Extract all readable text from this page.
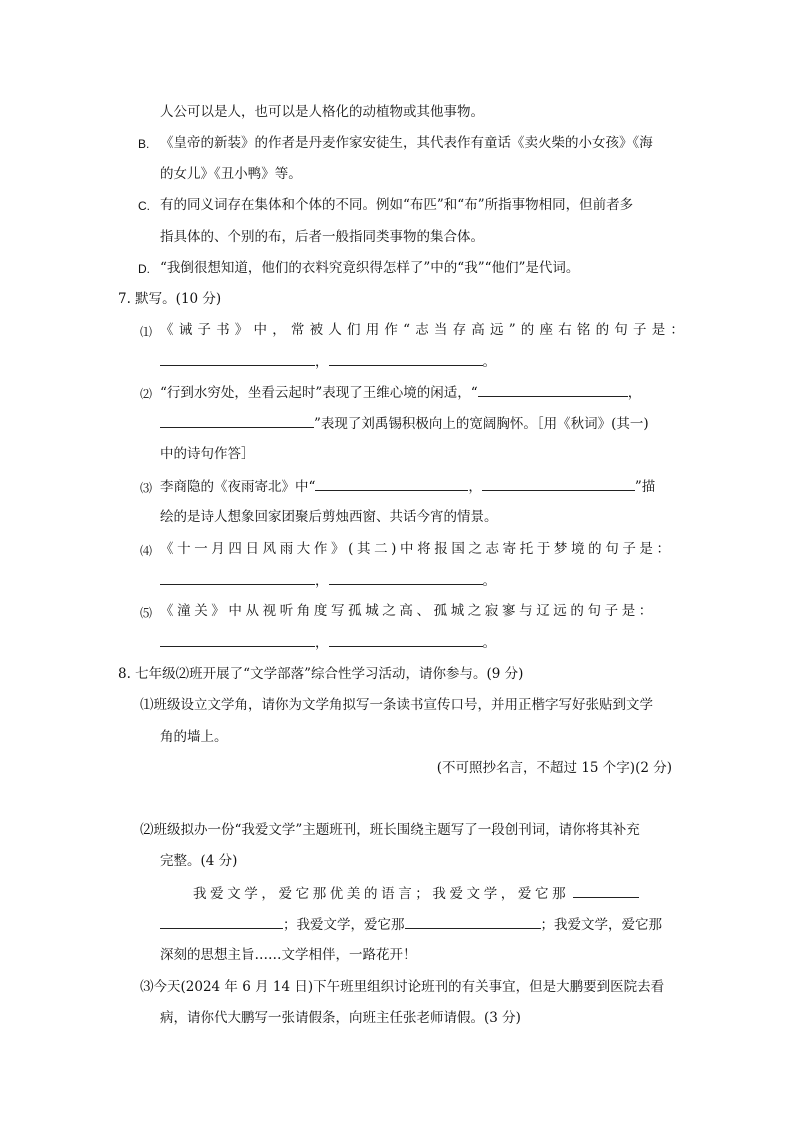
人公可以是人，也可以是人格化的动植物或其他事物。
B. 《皇帝的新装》的作者是丹麦作家安徒生，其代表作有童话《卖火柴的小女孩》《海
的女儿》《丑小鸭》等。
C. 有的同义词存在集体和个体的不同。例如“布匹”和“布”所指事物相同，但前者多
指具体的、个别的布，后者一般指同类事物的集合体。
D. “我倒很想知道，他们的衣料究竟织得怎样了”中的“我”“他们”是代词。
7. 默写。(10 分)
⑴ 《诫子书》中，常被人们用作“志当存高远”的座右铭的句子是：
，	。
⑵ “行到水穷处，坐看云起时”表现了王维心境的闲适，“	，
”表现了刘禹锡积极向上的宽阔胸怀。［用《秋词》(其一)
中的诗句作答］
⑶ 李商隐的《夜雨寄北》中“	，	”描
绘的是诗人想象回家团聚后剪烛西窗、共话今宵的情景。
⑷ 《十一月四日风雨大作》(其二)中将报国之志寄托于梦境的句子是：
，	。
⑸ 《潼关》中从视听角度写孤城之高、孤城之寂寥与辽远的句子是：
，	。
8. 七年级⑵班开展了“文学部落”综合性学习活动，请你参与。(9 分)
⑴班级设立文学角，请你为文学角拟写一条读书宣传口号，并用正楷字写好张贴到文学
角的墙上。
(不可照抄名言，不超过 15 个字)(2 分)
⑵班级拟办一份“我爱文学”主题班刊，班长围绕主题写了一段创刊词，请你将其补充
完整。(4 分)
我爱文学，爱它那优美的语言；我爱文学，爱它那
；我爱文学，爱它那	；我爱文学，爱它那
深刻的思想主旨……文学相伴，一路花开！
⑶今天(2024 年 6 月 14 日)下午班里组织讨论班刊的有关事宜，但是大鹏要到医院去看
病，请你代大鹏写一张请假条，向班主任张老师请假。(3 分)
